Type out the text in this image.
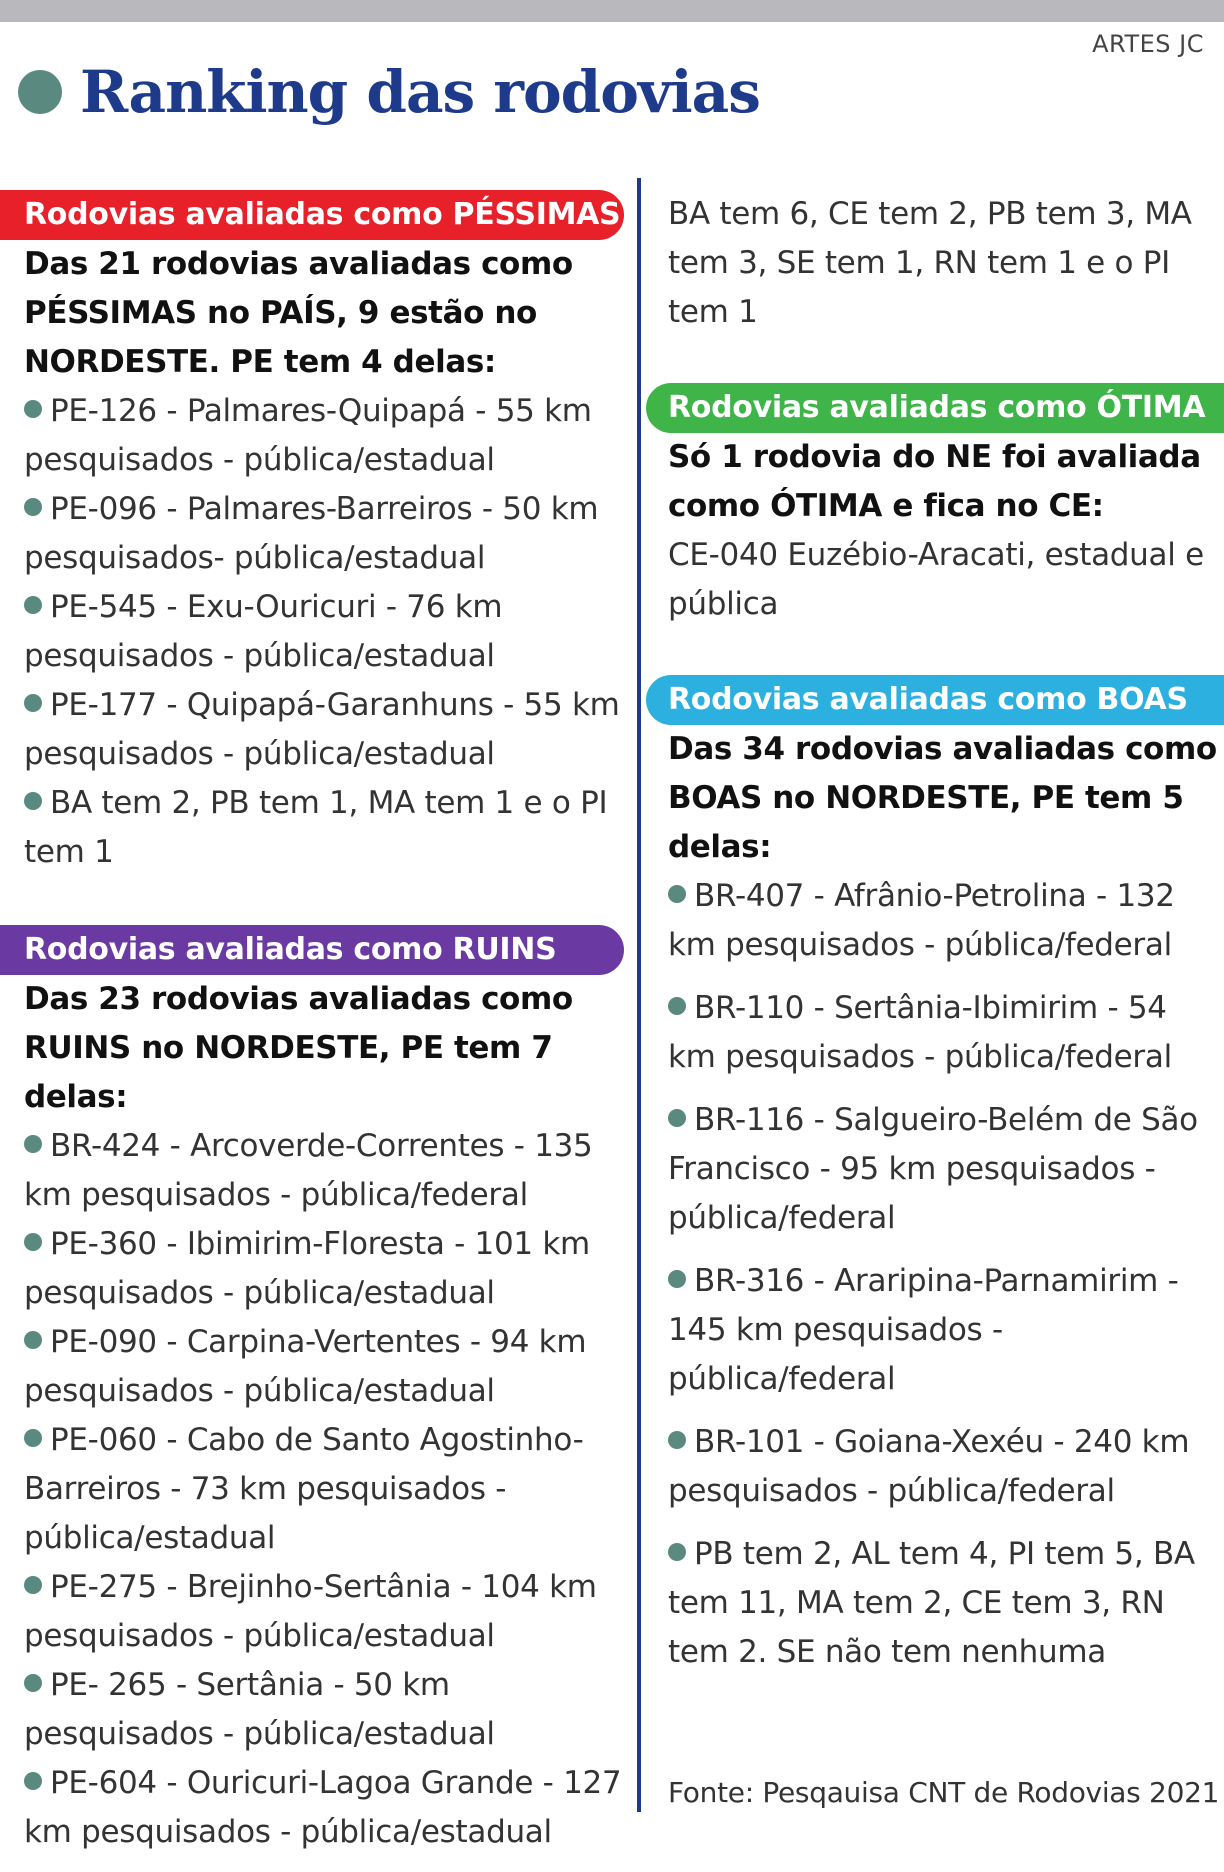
ARTES JC
Ranking das rodovias
Rodovias avaliadas como PÉSSIMAS
Das 21 rodovias avaliadas como PÉSSIMAS no PAÍS, 9 estão no NORDESTE. PE tem 4 delas:
PE-126 - Palmares-Quipapá - 55 km pesquisados - pública/estadual
PE-096 - Palmares-Barreiros - 50 km pesquisados- pública/estadual
PE-545 - Exu-Ouricuri - 76 km pesquisados - pública/estadual
PE-177 - Quipapá-Garanhuns - 55 km pesquisados - pública/estadual
BA tem 2, PB tem 1, MA tem 1 e o PI tem 1
Rodovias avaliadas como RUINS
Das 23 rodovias avaliadas como RUINS no NORDESTE, PE tem 7 delas:
BR-424 - Arcoverde-Correntes - 135 km pesquisados - pública/federal
PE-360 - Ibimirim-Floresta - 101 km pesquisados - pública/estadual
PE-090 - Carpina-Vertentes - 94 km pesquisados - pública/estadual
PE-060 - Cabo de Santo Agostinho-Barreiros - 73 km pesquisados - pública/estadual
PE-275 - Brejinho-Sertânia - 104 km pesquisados - pública/estadual
PE- 265 - Sertânia - 50 km pesquisados - pública/estadual
PE-604 - Ouricuri-Lagoa Grande - 127 km pesquisados - pública/estadual
BA tem 6, CE tem 2, PB tem 3, MA tem 3, SE tem 1, RN tem 1 e o PI tem 1
Rodovias avaliadas como ÓTIMA
Só 1 rodovia do NE foi avaliada como ÓTIMA e fica no CE:
CE-040 Euzébio-Aracati, estadual e pública
Rodovias avaliadas como BOAS
Das 34 rodovias avaliadas como BOAS no NORDESTE, PE tem 5 delas:
BR-407 - Afrânio-Petrolina - 132 km pesquisados - pública/federal
BR-110 - Sertânia-Ibimirim - 54 km pesquisados - pública/federal
BR-116 - Salgueiro-Belém de São Francisco - 95 km pesquisados - pública/federal
BR-316 - Araripina-Parnamirim - 145 km pesquisados - pública/federal
BR-101 - Goiana-Xexéu - 240 km pesquisados - pública/federal
PB tem 2, AL tem 4, PI tem 5, BA tem 11, MA tem 2, CE tem 3, RN tem 2. SE não tem nenhuma
Fonte: Pesqauisa CNT de Rodovias 2021
